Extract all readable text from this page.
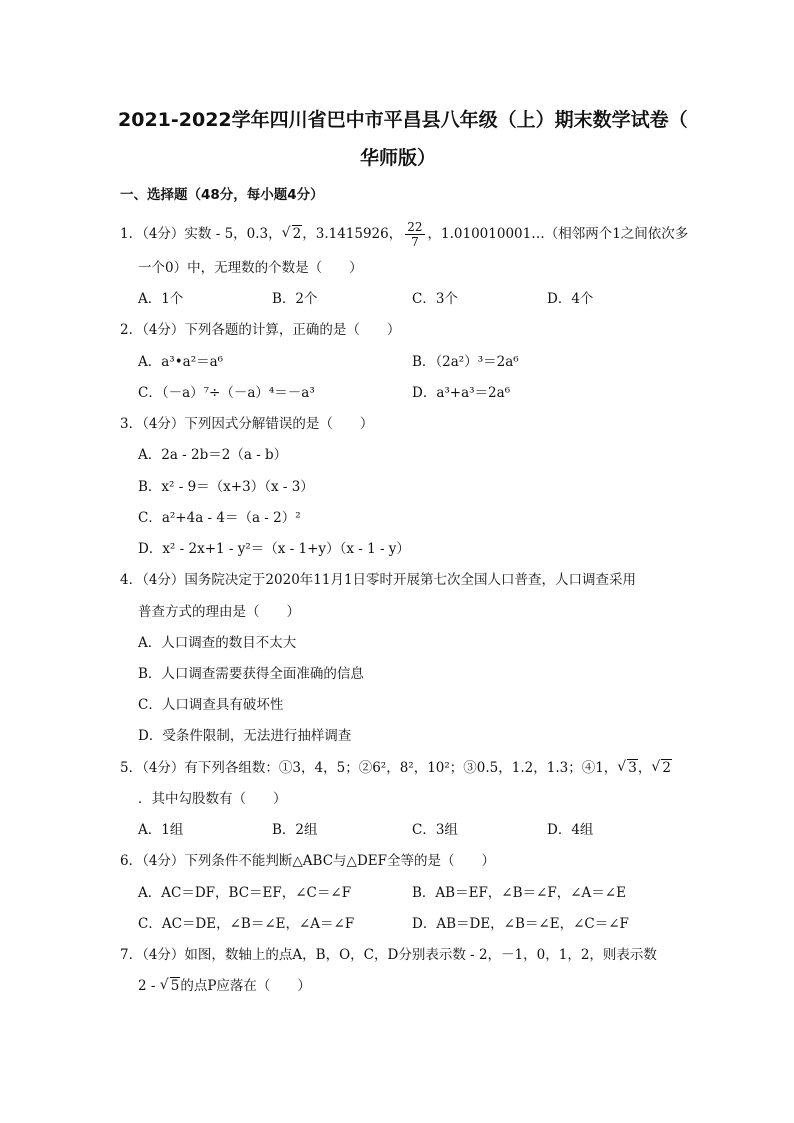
2021-2022学年四川省巴中市平昌县八年级（上）期末数学试卷（
华师版）
一、选择题（48分，每小题4分）
1．（4分）实数 - 5，0.3， √ 2，3.1415926， $\frac{22}{7}$ ，1.010010001…（相邻两个1之间依次多
一个0）中，无理数的个数是（　　）
A．1个	B．2个	C．3个	D．4个
2．（4分）下列各题的计算，正确的是（　　）
A．a³•a²＝a⁶	B．（2a²）³＝2a⁶
C．（－a）⁷÷（－a）⁴＝－a³	D．a³+a³＝2a⁶
3．（4分）下列因式分解错误的是（　　）
A．2a - 2b＝2（a - b）
B．x² - 9＝（x+3）（x - 3）
C．a²+4a - 4＝（a - 2）²
D．x² - 2x+1 - y²＝（x - 1+y）（x - 1 - y）
4．（4分）国务院决定于2020年11月1日零时开展第七次全国人口普查，人口调查采用
普查方式的理由是（　　）
A．人口调查的数目不太大
B．人口调查需要获得全面准确的信息
C．人口调查具有破坏性
D．受条件限制，无法进行抽样调查
5．（4分）有下列各组数：①3，4，5；②6²，8²，10²；③0.5，1.2，1.3；④1， √ 3， √ 2
．其中勾股数有（　　）
A．1组	B．2组	C．3组	D．4组
6．（4分）下列条件不能判断△ABC与△DEF全等的是（　　）
A．AC＝DF，BC＝EF，∠C＝∠F	B．AB＝EF，∠B＝∠F，∠A＝∠E
C．AC＝DE，∠B＝∠E，∠A＝∠F	D．AB＝DE，∠B＝∠E，∠C＝∠F
7．（4分）如图，数轴上的点A，B，O，C，D分别表示数 - 2，－1，0，1，2，则表示数
2 - √ 5的点P应落在（　　）
